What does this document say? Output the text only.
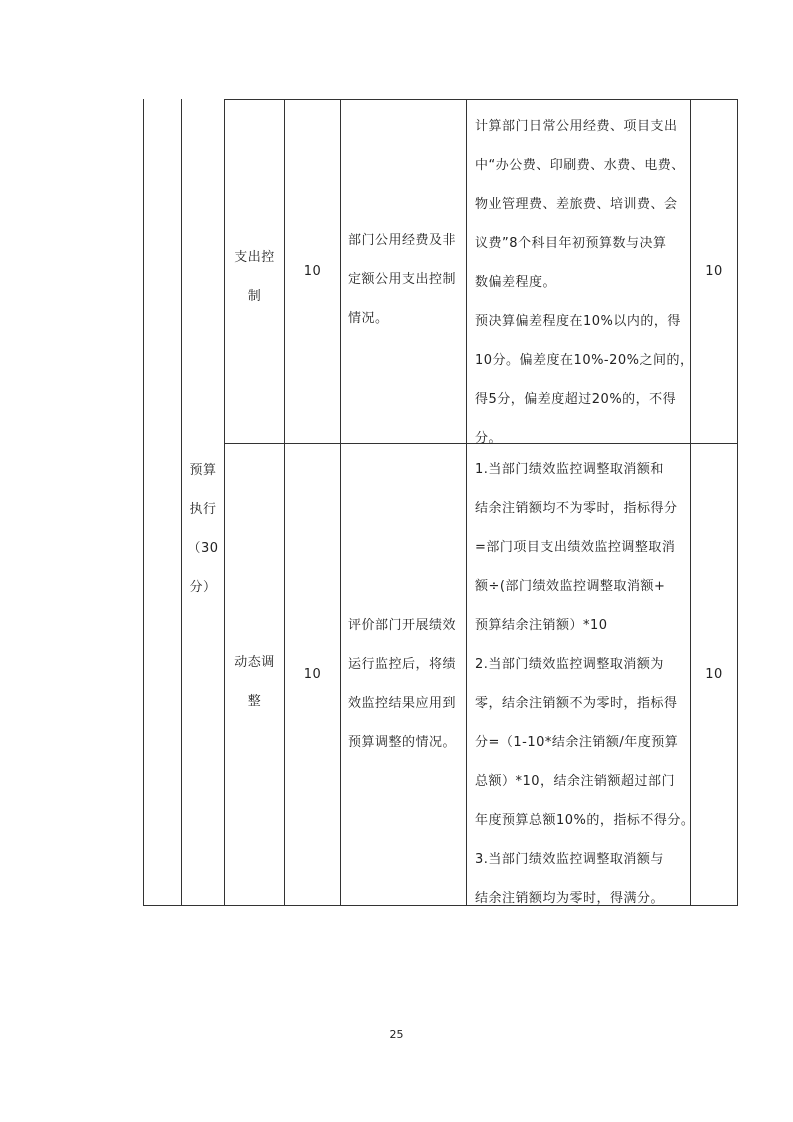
预算
执行
（30
分）
支出控
制
10
部门公用经费及非
定额公用支出控制
情况。
计算部门日常公用经费、项目支出
中“办公费、印刷费、水费、电费、
物业管理费、差旅费、培训费、会
议费”8个科目年初预算数与决算
数偏差程度。
预决算偏差程度在10%以内的，得
10分。偏差度在10%-20%之间的，
得5分，偏差度超过20%的，不得
分。
10
动态调
整
10
评价部门开展绩效
运行监控后，将绩
效监控结果应用到
预算调整的情况。
1.当部门绩效监控调整取消额和
结余注销额均不为零时，指标得分
=部门项目支出绩效监控调整取消
额÷(部门绩效监控调整取消额+
预算结余注销额）*10
2.当部门绩效监控调整取消额为
零，结余注销额不为零时，指标得
分=（1-10*结余注销额/年度预算
总额）*10，结余注销额超过部门
年度预算总额10%的，指标不得分。
3.当部门绩效监控调整取消额与
结余注销额均为零时，得满分。
10
25
